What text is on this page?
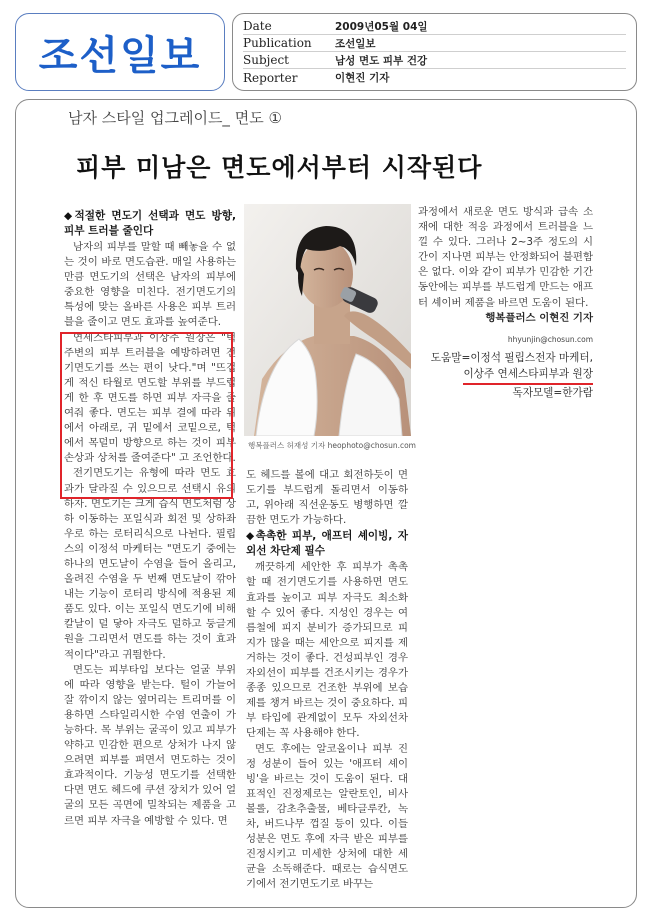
조선일보
Date	2009년05월 04일
Publication	조선일보
Subject	남성 면도 피부 건강
Reporter	이현진 기자
남자 스타일 업그레이드_ 면도 ①
피부 미남은 면도에서부터 시작된다
◆적절한 면도기 선택과 면도 방향, 피부 트러블 줄인다

남자의 피부를 말할 때 빼놓을 수 없는 것이 바로 면도습관. 매일 사용하는 만큼 면도기의 선택은 남자의 피부에 중요한 영향을 미친다. 전기면도기의 특성에 맞는 올바른 사용은 피부 트러블을 줄이고 면도 효과를 높여준다.

연세스타피부과 이상주 원장은 "턱 주변의 피부 트러블을 예방하려면 전기면도기를 쓰는 편이 낫다."며 "뜨겁게 적신 타월로 면도할 부위를 부드럽게 한 후 면도를 하면 피부 자극을 줄여줘 좋다. 면도는 피부 결에 따라 위에서 아래로, 귀 밑에서 코밑으로, 턱에서 목덜미 방향으로 하는 것이 피부 손상과 상처를 줄여준다" 고 조언한다.

전기면도기는 유형에 따라 면도 효과가 달라질 수 있으므로 선택시 유의하자. 면도기는 크게 습식 면도처럼 상하 이동하는 포일식과 회전 및 상하좌우로 하는 로터리식으로 나뉜다. 필립스의 이정석 마케터는 "면도기 중에는 하나의 면도날이 수염을 들어 올리고, 올려진 수염을 두 번째 면도날이 깎아내는 기능이 로터리 방식에 적용된 제품도 있다. 이는 포일식 면도기에 비해 칼날이 덜 닿아 자극도 덜하고 둥글게 원을 그리면서 면도를 하는 것이 효과적이다"라고 귀띔한다.

면도는 피부타입 보다는 얼굴 부위에 따라 영향을 받는다. 털이 가늘어 잘 깎이지 않는 옆머리는 트리머를 이용하면 스타일리시한 수염 연출이 가능하다. 목 부위는 굴곡이 있고 피부가 약하고 민감한 편으로 상처가 나지 않으려면 피부를 펴면서 면도하는 것이 효과적이다. 기능성 면도기를 선택한다면 면도 헤드에 쿠션 장치가 있어 얼굴의 모든 곡면에 밀착되는 제품을 고르면 피부 자극을 예방할 수 있다. 면

행복플러스 허재성 기자 heophoto@chosun.com

도 헤드를 볼에 대고 회전하듯이 면도기를 부드럽게 돌리면서 이동하고, 위아래 직선운동도 병행하면 깔끔한 면도가 가능하다.

◆촉촉한 피부, 애프터 셰이빙, 자외선 차단제 필수

깨끗하게 세안한 후 피부가 촉촉할 때 전기면도기를 사용하면 면도 효과를 높이고 피부 자극도 최소화할 수 있어 좋다. 지성인 경우는 여름철에 피지 분비가 증가되므로 피지가 많을 때는 세안으로 피지를 제거하는 것이 좋다. 건성피부인 경우 자외선이 피부를 건조시키는 경우가 종종 있으므로 건조한 부위에 보습제를 챙겨 바르는 것이 중요하다. 피부 타입에 관계없이 모두 자외선차단제는 꼭 사용해야 한다.

면도 후에는 알코올이나 피부 진정 성분이 들어 있는 '애프터 셰이빙'을 바르는 것이 도움이 된다. 대표적인 진정제로는 알란토인, 비사볼롤, 감초추출물, 베타글루칸, 녹차, 버드나무 껍질 등이 있다. 이들 성분은 면도 후에 자극 받은 피부를 진정시키고 미세한 상처에 대한 세균을 소독해준다. 때로는 습식면도기에서 전기면도기로 바꾸는

과정에서 새로운 면도 방식과 급속 소재에 대한 적응 과정에서 트러블을 느낄 수 있다. 그러나 2~3주 정도의 시간이 지나면 피부는 안정화되어 불편함은 없다. 이와 같이 피부가 민감한 기간 동안에는 피부를 부드럽게 만드는 애프터 셰이버 제품을 바르면 도움이 된다.

행복플러스 이현진 기자
hhyunjin@chosun.com
도움말=이정석 필립스전자 마케터,
이상주 연세스타피부과 원장
독자모델=한가람
